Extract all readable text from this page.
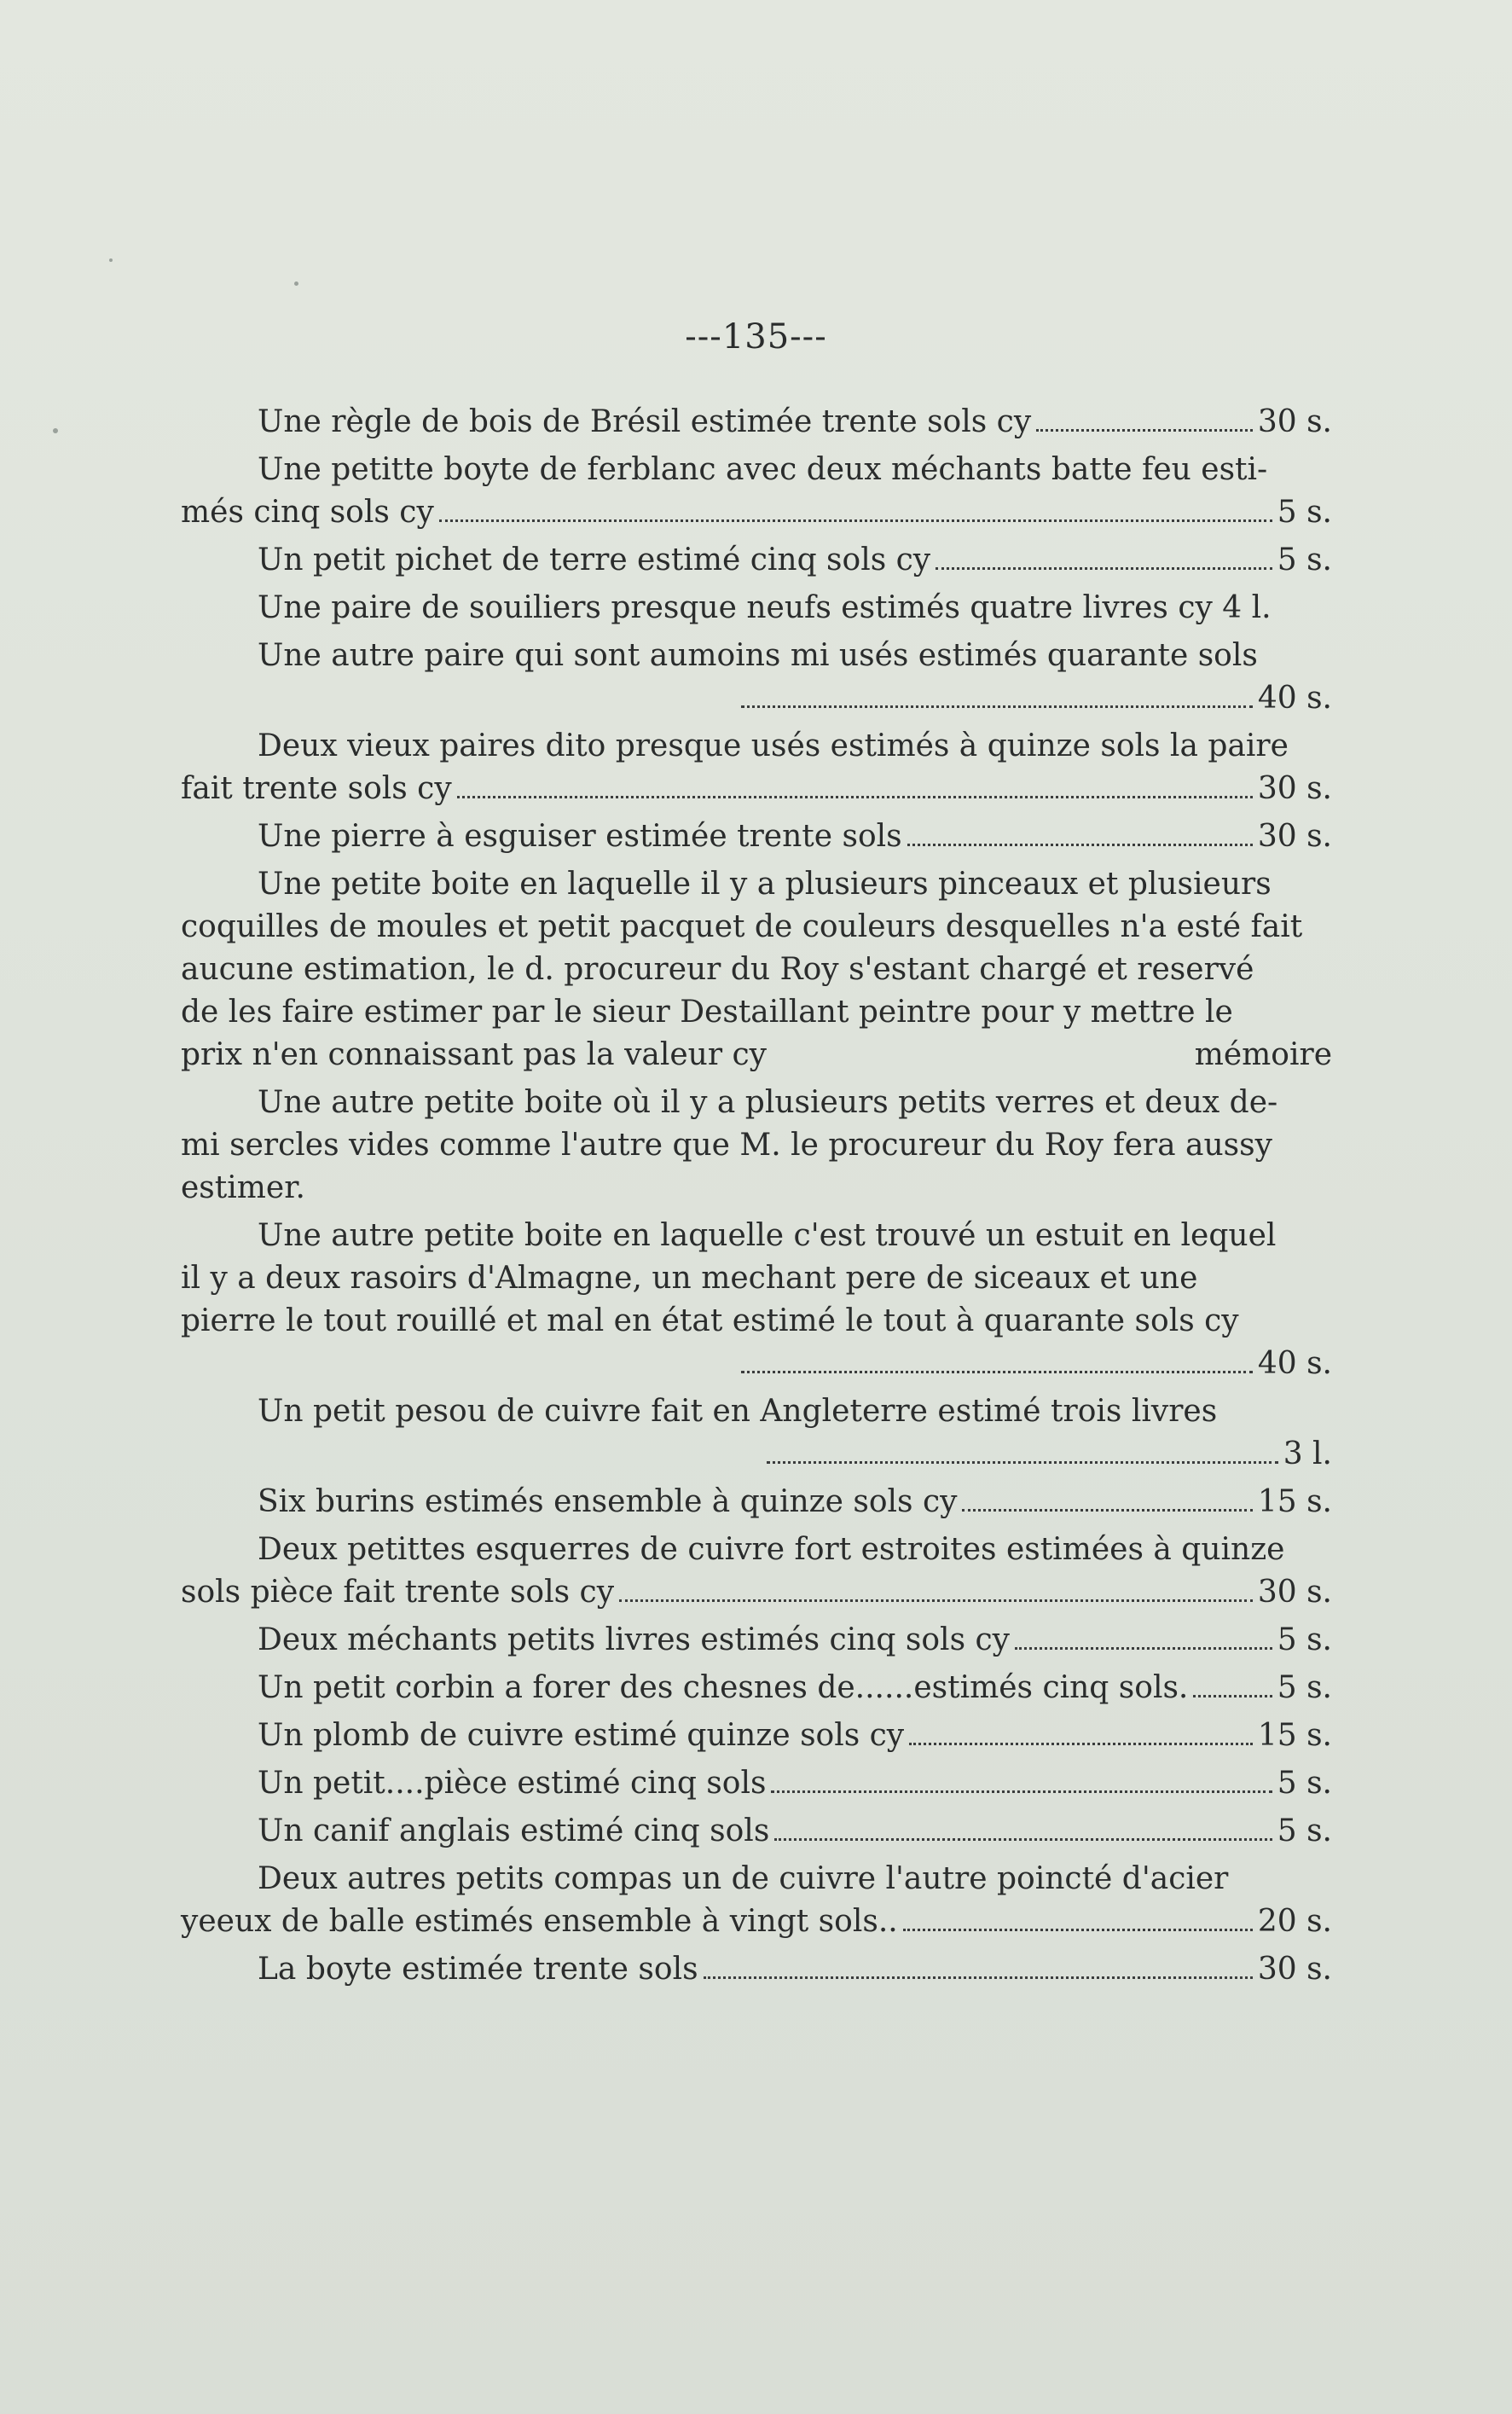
---135---
Une règle de bois de Brésil estimée trente sols cy	30 s.
Une petitte boyte de ferblanc avec deux méchants batte feu esti-
més cinq sols cy	5 s.
Un petit pichet de terre estimé cinq sols cy	5 s.
Une paire de souiliers presque neufs estimés quatre livres cy 4 l.
Une autre paire qui sont aumoins mi usés estimés quarante sols
40 s.
Deux vieux paires dito presque usés estimés à quinze sols la paire
fait trente sols cy	30 s.
Une pierre à esguiser estimée trente sols	30 s.
Une petite boite en laquelle il y a plusieurs pinceaux et plusieurs
coquilles de moules et petit pacquet de couleurs desquelles n'a esté fait
aucune estimation, le d. procureur du Roy s'estant chargé et reservé
de les faire estimer par le sieur Destaillant peintre pour y mettre le
prix n'en connaissant pas la valeur cy	mémoire
Une autre petite boite où il y a plusieurs petits verres et deux de-
mi sercles vides comme l'autre que M. le procureur du Roy fera aussy
estimer.
Une autre petite boite en laquelle c'est trouvé un estuit en lequel
il y a deux rasoirs d'Almagne, un mechant pere de siceaux et une
pierre le tout rouillé et mal en état estimé le tout à quarante sols cy
40 s.
Un petit pesou de cuivre fait en Angleterre estimé trois livres
3 l.
Six burins estimés ensemble à quinze sols cy	15 s.
Deux petittes esquerres de cuivre fort estroites estimées à quinze
sols pièce fait trente sols cy	30 s.
Deux méchants petits livres estimés cinq sols cy	5 s.
Un petit corbin a forer des chesnes de......estimés cinq sols.	5 s.
Un plomb de cuivre estimé quinze sols cy	15 s.
Un petit....pièce estimé cinq sols	5 s.
Un canif anglais estimé cinq sols	5 s.
Deux autres petits compas un de cuivre l'autre poincté d'acier
yeeux de balle estimés ensemble à vingt sols..	20 s.
La boyte estimée trente sols	30 s.
